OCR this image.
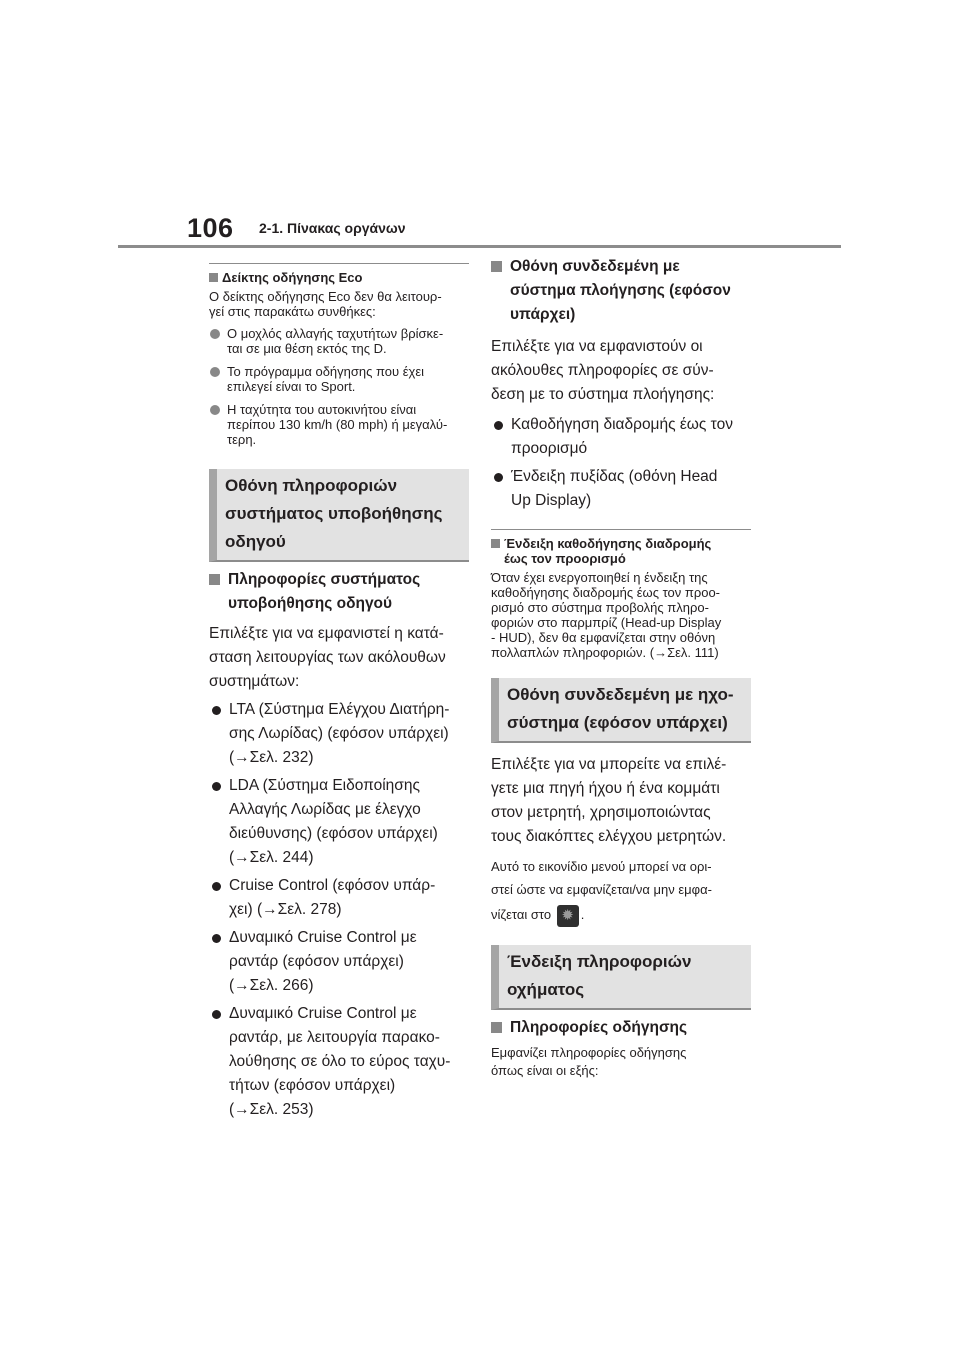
106 2-1. Πίνακας οργάνων
Δείκτης οδήγησης Eco
Ο δείκτης οδήγησης Eco δεν θα λειτουρ-
γεί στις παρακάτω συνθήκες:
Ο μοχλός αλλαγής ταχυτήτων βρίσκε-
ται σε μια θέση εκτός της D.
Το πρόγραμμα οδήγησης που έχει
επιλεγεί είναι το Sport.
Η ταχύτητα του αυτοκινήτου είναι
περίπου 130 km/h (80 mph) ή μεγαλύ-
τερη.
Οθόνη πληροφοριών
συστήματος υποβοήθησης
οδηγού
Πληροφορίες συστήματος
υποβοήθησης οδηγού
Επιλέξτε για να εμφανιστεί η κατά-
σταση λειτουργίας των ακόλουθων
συστημάτων:
LTA (Σύστημα Ελέγχου Διατήρη-
σης Λωρίδας) (εφόσον υπάρχει)
(→Σελ. 232)
LDA (Σύστημα Ειδοποίησης
Αλλαγής Λωρίδας με έλεγχο
διεύθυνσης) (εφόσον υπάρχει)
(→Σελ. 244)
Cruise Control (εφόσον υπάρ-
χει) (→Σελ. 278)
Δυναμικό Cruise Control με
ραντάρ (εφόσον υπάρχει)
(→Σελ. 266)
Δυναμικό Cruise Control με
ραντάρ, με λειτουργία παρακο-
λούθησης σε όλο το εύρος ταχυ-
τήτων (εφόσον υπάρχει)
(→Σελ. 253)
Οθόνη συνδεδεμένη με
σύστημα πλοήγησης (εφόσον
υπάρχει)
Επιλέξτε για να εμφανιστούν οι
ακόλουθες πληροφορίες σε σύν-
δεση με το σύστημα πλοήγησης:
Καθοδήγηση διαδρομής έως τον
προορισμό
Ένδειξη πυξίδας (οθόνη Head
Up Display)
Ένδειξη καθοδήγησης διαδρομής
έως τον προορισμό
Όταν έχει ενεργοποιηθεί η ένδειξη της
καθοδήγησης διαδρομής έως τον προο-
ρισμό στο σύστημα προβολής πληρο-
φοριών στο παρμπρίζ (Head-up Display
- HUD), δεν θα εμφανίζεται στην οθόνη
πολλαπλών πληροφοριών. (→Σελ. 111)
Οθόνη συνδεδεμένη με ηχο-
σύστημα (εφόσον υπάρχει)
Επιλέξτε για να μπορείτε να επιλέ-
γετε μια πηγή ήχου ή ένα κομμάτι
στον μετρητή, χρησιμοποιώντας
τους διακόπτες ελέγχου μετρητών.
Αυτό το εικονίδιο μενού μπορεί να ορι-
στεί ώστε να εμφανίζεται/να μην εμφα-
νίζεται στο ✹ .
Ένδειξη πληροφοριών
οχήματος
Πληροφορίες οδήγησης
Εμφανίζει πληροφορίες οδήγησης
όπως είναι οι εξής:
